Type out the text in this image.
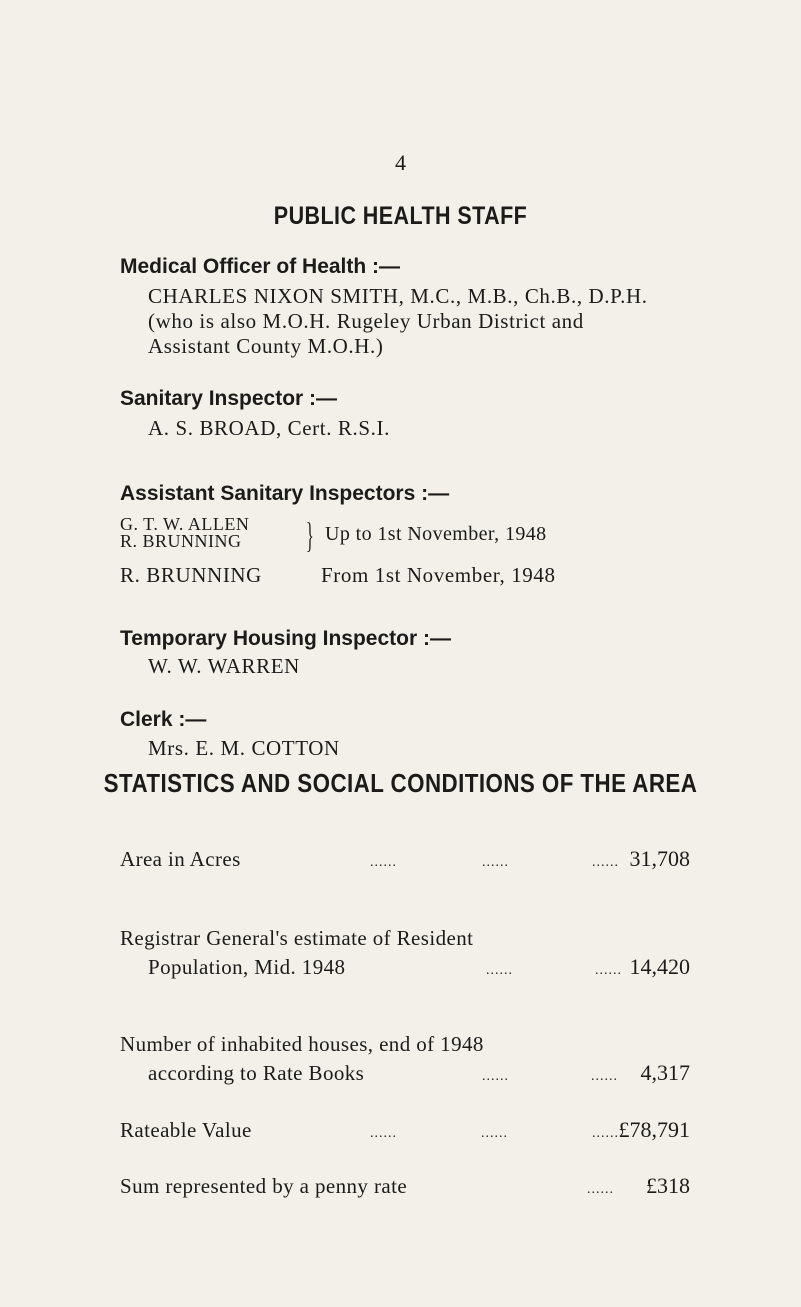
4
PUBLIC HEALTH STAFF
Medical Officer of Health :—
CHARLES NIXON SMITH, M.C., M.B., Ch.B., D.P.H.
(who is also M.O.H. Rugeley Urban District and
Assistant County M.O.H.)
Sanitary Inspector :—
A. S. BROAD, Cert. R.S.I.
Assistant Sanitary Inspectors :—
G. T. W. ALLEN
R. BRUNNING } Up to 1st November, 1948
R. BRUNNING	From 1st November, 1948
Temporary Housing Inspector :—
W. W. WARREN
Clerk :—
Mrs. E. M. COTTON
STATISTICS AND SOCIAL CONDITIONS OF THE AREA
Area in Acres	......	......	...... 31,708
Registrar General's estimate of Resident
Population, Mid. 1948	......	...... 14,420
Number of inhabited houses, end of 1948
according to Rate Books	......	...... 4,317
Rateable Value	......	......	...... £78,791
Sum represented by a penny rate	...... £318
